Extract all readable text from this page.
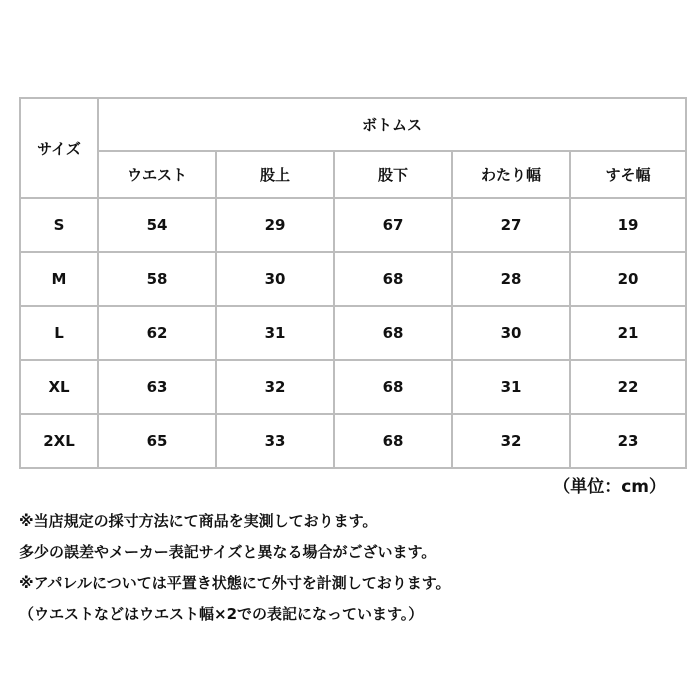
サイズ	ボトムス				
	ウエスト	股上	股下	わたり幅	すそ幅
S	54	29	67	27	19
M	58	30	68	28	20
L	62	31	68	30	21
XL	63	32	68	31	22
2XL	65	33	68	32	23
（単位：cm）
※当店規定の採寸方法にて商品を実測しております。
多少の誤差やメーカー表記サイズと異なる場合がございます。
※アパレルについては平置き状態にて外寸を計測しております。
（ウエストなどはウエスト幅×2での表記になっています。）
